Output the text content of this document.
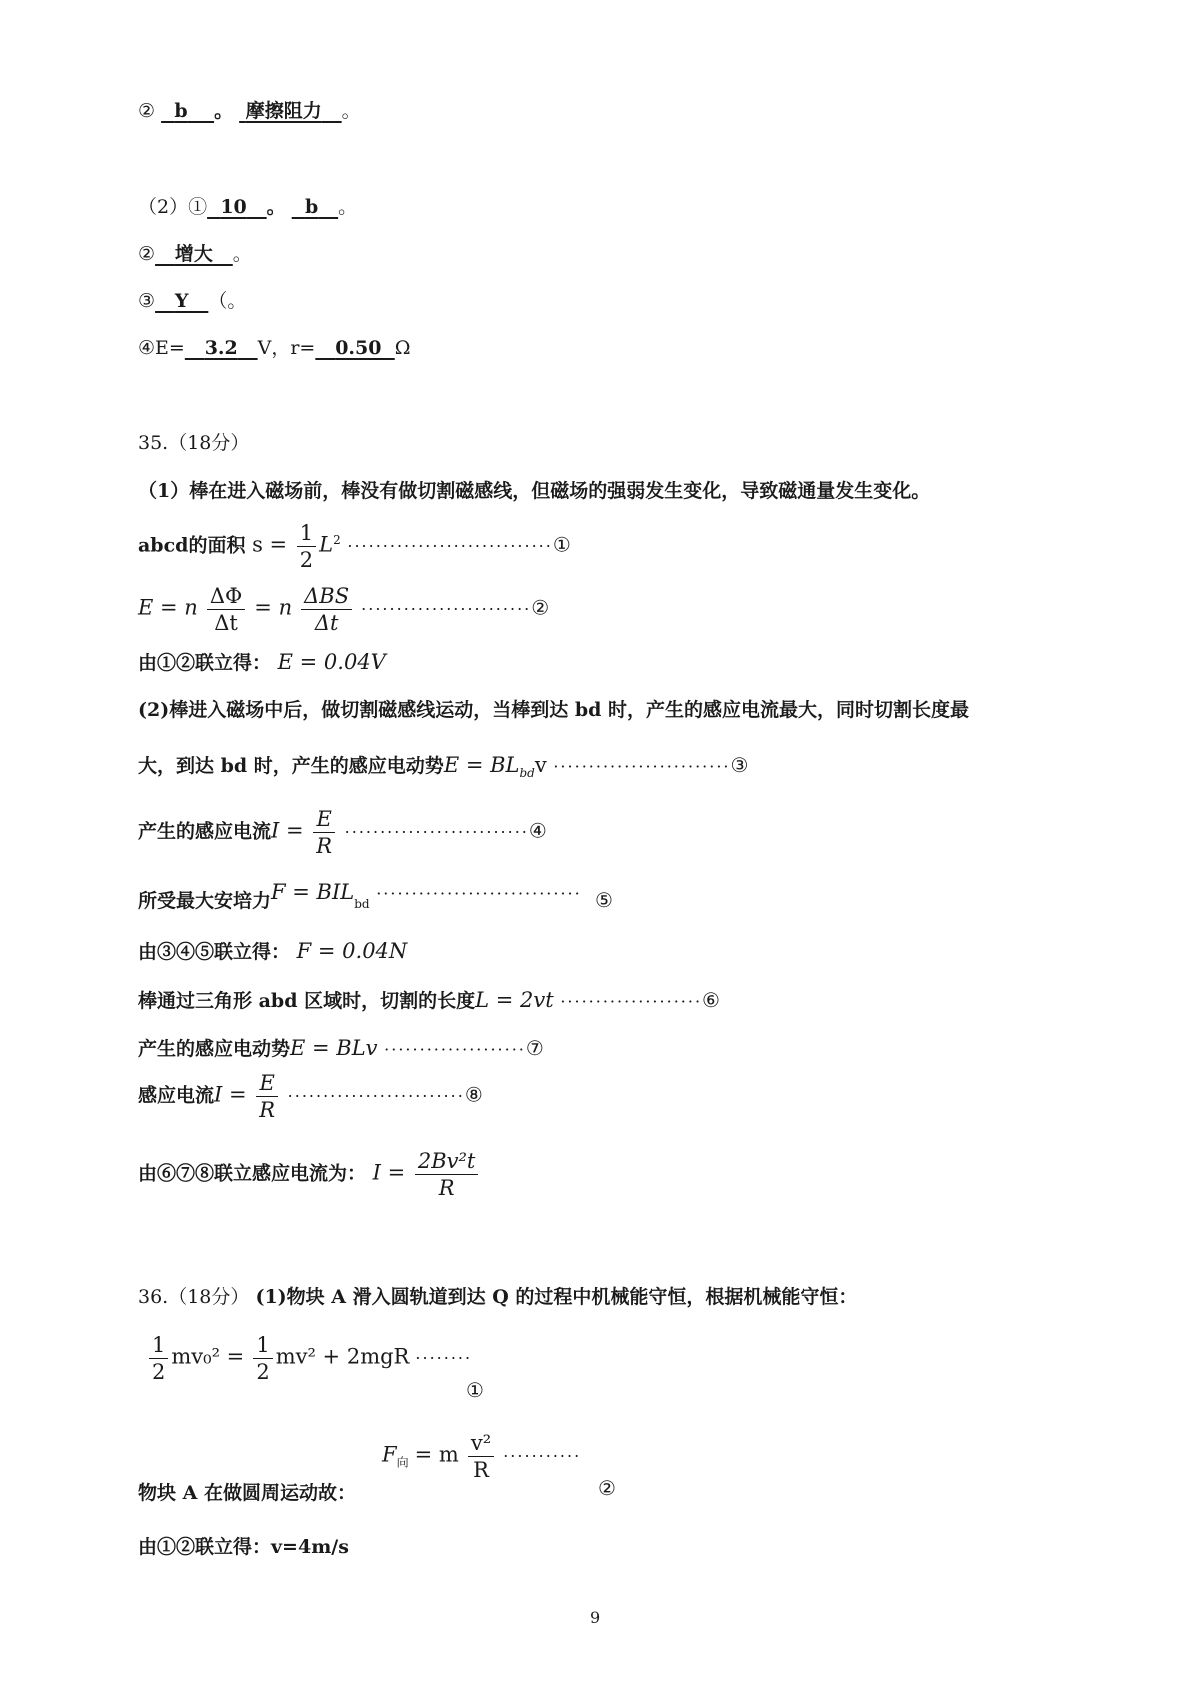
② b 。 摩擦阻力 。
（2）① 10 。 b 。
② 增大 。
③ Y （。
④E= 3.2 V，r= 0.50 Ω
35.（18分）
（1）棒在进入磁场前，棒没有做切割磁感线，但磁场的强弱发生变化，导致磁通量发生变化。
abcd的面积 $s = \frac{1}{2} L^2$ ·····························①
E = n $\frac{\Delta\Phi}{\Delta t} = n \frac{\text{ΔBS}}{\Delta t}$ ························②
由①②联立得： E = 0.04V
(2)棒进入磁场中后，做切割磁感线运动，当棒到达 bd 时，产生的感应电流最大，同时切割长度最
大，到达 bd 时，产生的感应电动势$E = BL_{bd}v$ ·························③
产生的感应电流$I = \frac{E}{R}$ ··························④
所受最大安培力$F = BIL_{bd}$ ····························· ⑤
由③④⑤联立得： F = 0.04N
棒通过三角形 abd 区域时，切割的长度L = 2vt ····················⑥
产生的感应电动势E = BLv ····················⑦
感应电流$I = \frac{E}{R}$ ·························⑧
由⑥⑦⑧联立感应电流为： $I = \frac{\text{2Bv²t}}{R}$
36.（18分） (1)物块 A 滑入圆轨道到达 Q 的过程中机械能守恒，根据机械能守恒：
$\frac{1}{2} mv_0^2 = \frac{1}{2} mv^2 + 2mgR$ ········
①
$F_向 = m \frac{\text{v²}}{R}$ ···········
物块 A 在做圆周运动故：	②
由①②联立得：v=4m/s
9
